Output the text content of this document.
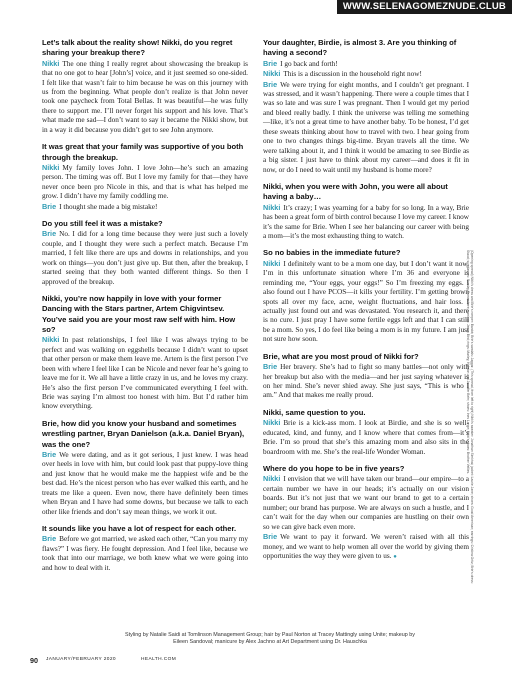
WWW.SELENAGOMEZNUDE.CLUB

Let’s talk about the reality show! Nikki, do you regret sharing your breakup there?

Nikki The one thing I really regret about showcasing the breakup is that no one got to hear [John’s] voice, and it just seemed so one-sided. I felt like that wasn’t fair to him because he was on this journey with us from the beginning. What people don’t realize is that John never took one paycheck from Total Bellas. It was beautiful—he was fully there to support me. I’ll never forget his support and his love. That’s what made me sad—I don’t want to say it became the Nikki show, but in a way it did because you didn’t get to see John anymore.

It was great that your family was supportive of you both through the breakup.

Nikki My family loves John. I love John—he’s such an amazing person. The timing was off. But I love my family for that—they have never once been pro Nicole in this, and that is what has helped me grow. I didn’t have my family coddling me.

Brie I thought she made a big mistake!

Do you still feel it was a mistake?

Brie No. I did for a long time because they were just such a lovely couple, and I thought they were such a perfect match. Because I’m married, I felt like there are ups and downs in relationships, and you work on things—you don’t just give up. But then, after the breakup, I started seeing that they both wanted different things. So then I approved of the breakup.

Nikki, you’re now happily in love with your former Dancing with the Stars partner, Artem Chigvintsev. You’ve said you are your most raw self with him. How so?

Nikki In past relationships, I feel like I was always trying to be perfect and was walking on eggshells because I didn’t want to upset that other person or make them leave me. Artem is the first person I’ve been with where I feel like I can be Nicole and never fear he’s going to leave me for it. We all have a little crazy in us, and he loves my crazy. He’s also the first person I’ve communicated everything I feel with. Brie was saying I’m almost too honest with him. But I’d rather him know everything.

Brie, how did you know your husband and sometimes wrestling partner, Bryan Danielson (a.k.a. Daniel Bryan), was the one?

Brie We were dating, and as it got serious, I just knew. I was head over heels in love with him, but could look past that puppy-love thing and just know that he would make me the happiest wife and be the best dad. He’s the nicest person who has ever walked this earth, and he treats me like a queen. Even now, there have definitely been times when Bryan and I have had some downs, but because we talk to each other like friends and don’t say mean things, we work it out.

It sounds like you have a lot of respect for each other.

Brie Before we got married, we asked each other, “Can you marry my flaws?” I was fiery. He fought depression. And I feel like, because we took that into our marriage, we both knew what we were going into and how to deal with it.

Your daughter, Birdie, is almost 3. Are you thinking of having a second?

Brie I go back and forth!

Nikki This is a discussion in the household right now!

Brie We were trying for eight months, and I couldn’t get pregnant. I was stressed, and it wasn’t happening. There were a couple times that I was so late and was sure I was pregnant. Then I would get my period and bleed really badly. I think the universe was telling me something—like, it’s not a great time to have another baby. To be honest, I’d get these sweats thinking about how to travel with two. I hear going from one to two changes things big-time. Bryan travels all the time. We were talking about it, and I think it would be amazing to see Birdie as a big sister. I just have to think about my career—and does it fit in now, or do I need to wait until my husband is home more?

Nikki, when you were with John, you were all about having a baby…

Nikki It’s crazy; I was yearning for a baby for so long. In a way, Brie has been a great form of birth control because I love my career. I know it’s the same for Brie. When I see her balancing our career with being a mom—it’s the most exhausting thing to watch.

So no babies in the immediate future?

Nikki I definitely want to be a mom one day, but I don’t want it now. I’m in this unfortunate situation where I’m 36 and everyone is reminding me, “Your eggs, your eggs!” So I’m freezing my eggs. I also found out I have PCOS—it kills your fertility. I’m getting brown spots all over my face, acne, weight fluctuations, and hair loss. I actually just found out and was devastated. You research it, and there is no cure. I just pray I have some fertile eggs left and that I can still be a mom. So yes, I do feel like being a mom is in my future. I am just not sure how soon.

Brie, what are you most proud of Nikki for?

Brie Her bravery. She’s had to fight so many battles—not only with her breakup but also with the media—and her just saying whatever is on her mind. She’s never shied away. She just says, “This is who I am.” And that makes me really proud.

Nikki, same question to you.

Nikki Brie is a kick-ass mom. I look at Birdie, and she is so well-educated, kind, and funny, and I know where that comes from—it’s Brie. I’m so proud that she’s this amazing mom and also sits in the boardroom with me. She’s the real-life Wonder Woman.

Where do you hope to be in five years?

Nikki I envision that we will have taken our brand—our empire—to a certain number we have in our heads; it’s actually on our vision boards. But it’s not just that we want our brand to get to a certain number; our brand has purpose. We are always on such a hustle, and I can’t wait for the day when our companies are hustling on their own so we can give back even more.

Brie We want to pay it forward. We weren’t raised with all this money, and we want to help women all over the world by giving them opportunities the way they were given to us. ●	(Opening spread) Nikki’s dress and Brie’s romper: Bardot; Brie’s sandals: Jaggar. (This spread, from left to right) Nikki’s sweater: Jonathan Simkhai; jacket: Laurie Jane; shoes: Good American; earrings: Cristina Ortiz; Brie’s dress: Staud; sunglasses: Sunday Somewhere; earrings: Jenny Bird; rings: Marley; Halston and Jennifer Behr; shoes: Ines Lange; Nikki’s shoes: Brother Vellies.
Styling by Natalie Saidi at Tomlinson Management Group; hair by Paul Norton at Tracey Mattingly using Unite; makeup by Eileen Sandoval; manicure by Alex Jachno at Art Department using Dr. Hauschka
90 JANUARY/FEBRUARY 2020	HEALTH.COM
